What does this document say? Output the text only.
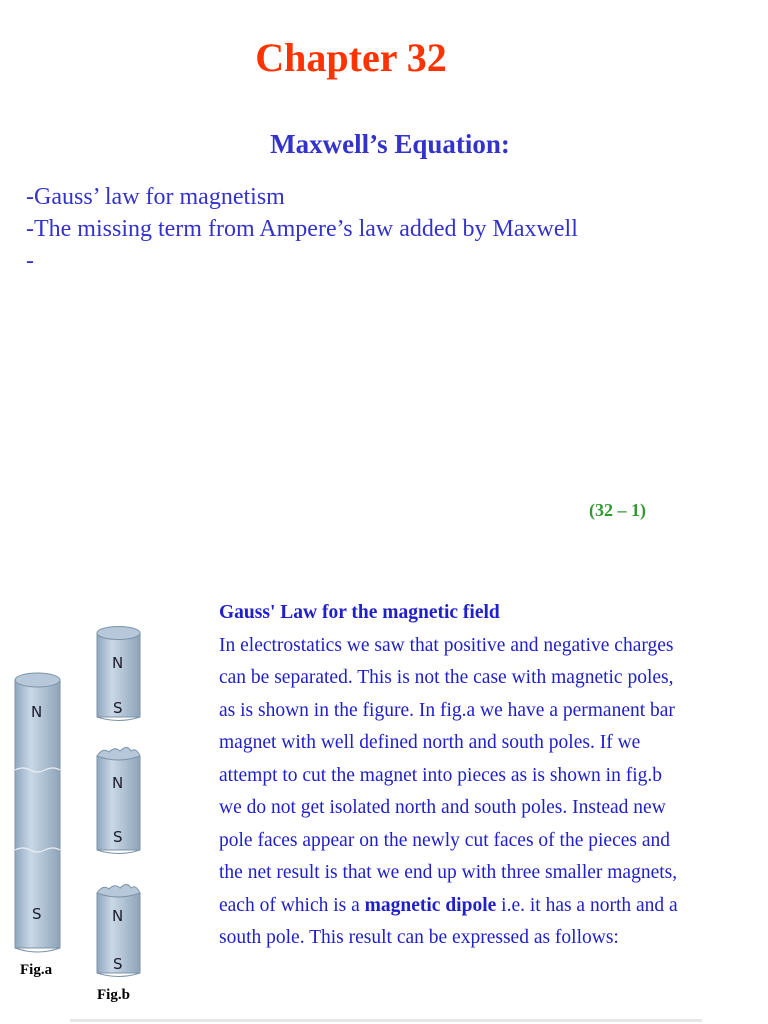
Chapter 32
Maxwell’s Equation:
-Gauss’ law for magnetism
-The missing term from Ampere’s law added by Maxwell
-
(32 – 1)
Gauss' Law for the magnetic field
In electrostatics we saw that positive and negative charges
can be separated. This is not the case with magnetic poles,
as is shown in the figure. In fig.a we have a permanent bar
magnet with well defined north and south poles. If we
attempt to cut the magnet into pieces as is shown in fig.b
we do not get isolated north and south poles. Instead new
pole faces appear on the newly cut faces of the pieces and
the net result is that we end up with three smaller magnets,
each of which is a magnetic dipole i.e. it has a north and a
south pole. This result can be expressed as follows:
N
S
N
S
N
S
N
S
Fig.a
Fig.b
